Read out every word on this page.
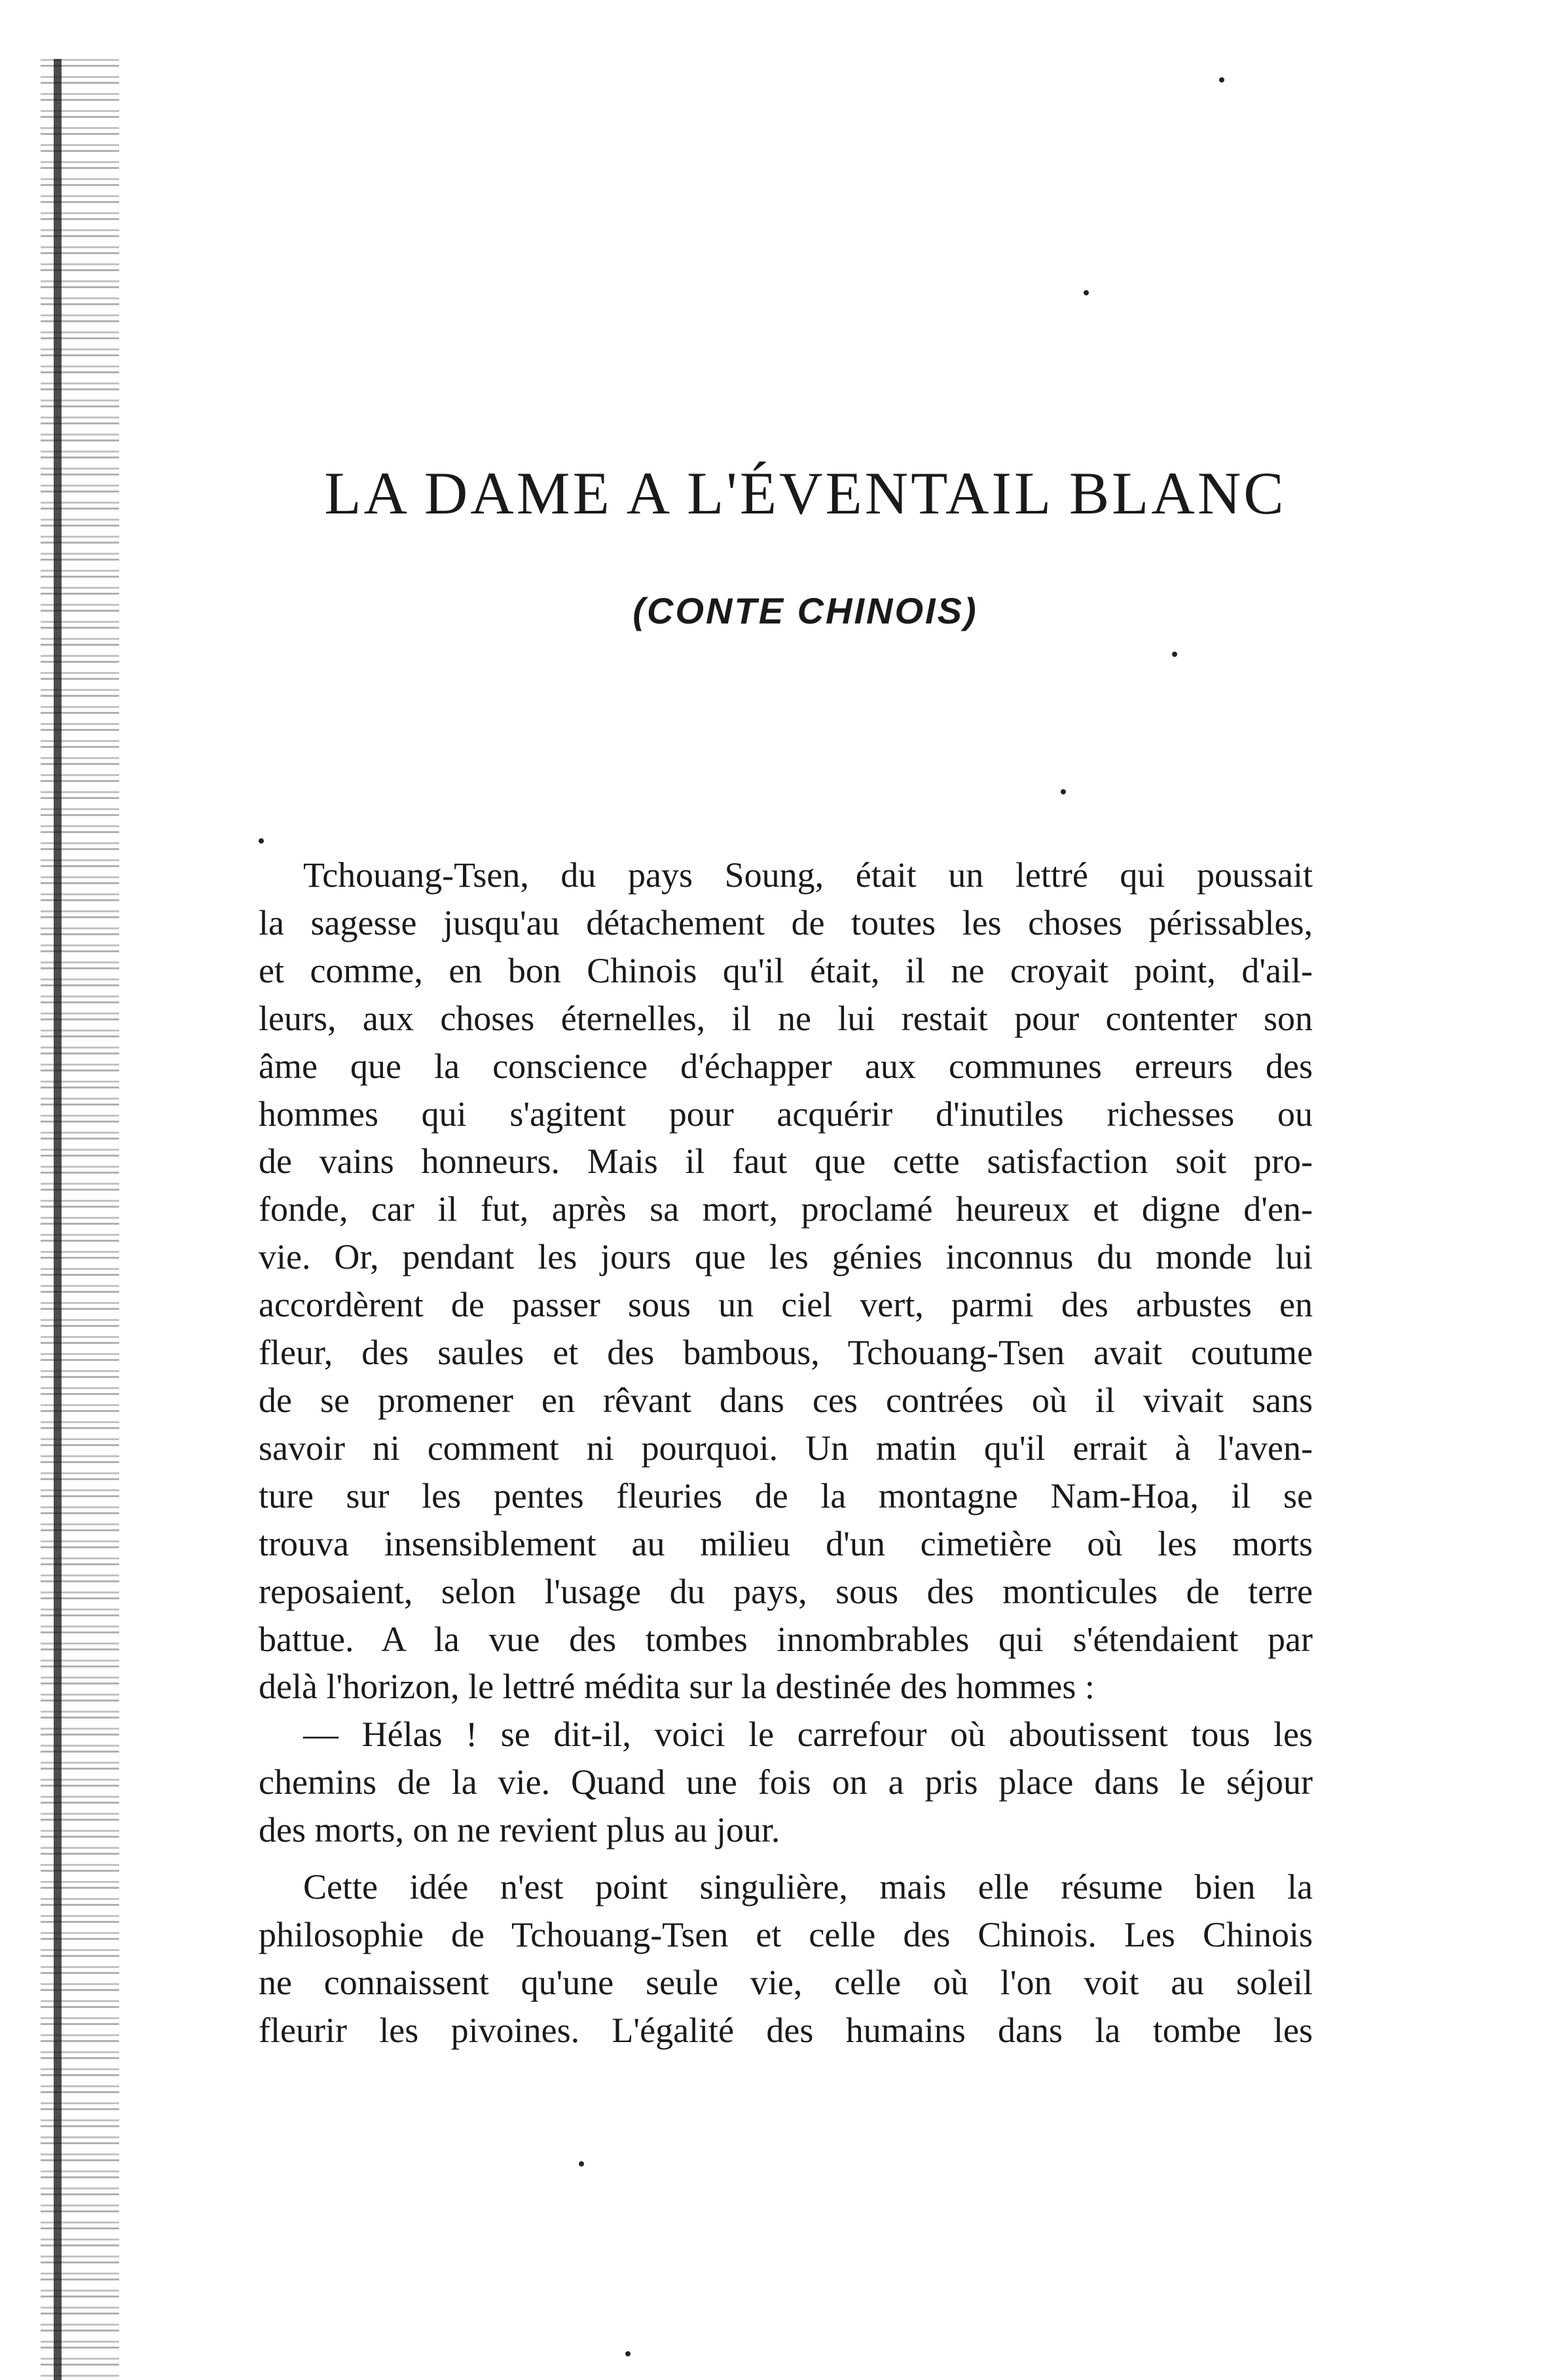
LA DAME A L'ÉVENTAIL BLANC
(CONTE CHINOIS)
Tchouang-Tsen, du pays Soung, était un lettré qui poussait
la sagesse jusqu'au détachement de toutes les choses périssables,
et comme, en bon Chinois qu'il était, il ne croyait point, d'ail-
leurs, aux choses éternelles, il ne lui restait pour contenter son
âme que la conscience d'échapper aux communes erreurs des
hommes qui s'agitent pour acquérir d'inutiles richesses ou
de vains honneurs. Mais il faut que cette satisfaction soit pro-
fonde, car il fut, après sa mort, proclamé heureux et digne d'en-
vie. Or, pendant les jours que les génies inconnus du monde lui
accordèrent de passer sous un ciel vert, parmi des arbustes en
fleur, des saules et des bambous, Tchouang-Tsen avait coutume
de se promener en rêvant dans ces contrées où il vivait sans
savoir ni comment ni pourquoi. Un matin qu'il errait à l'aven-
ture sur les pentes fleuries de la montagne Nam-Hoa, il se
trouva insensiblement au milieu d'un cimetière où les morts
reposaient, selon l'usage du pays, sous des monticules de terre
battue. A la vue des tombes innombrables qui s'étendaient par
delà l'horizon, le lettré médita sur la destinée des hommes :
— Hélas ! se dit-il, voici le carrefour où aboutissent tous les
chemins de la vie. Quand une fois on a pris place dans le séjour
des morts, on ne revient plus au jour.
Cette idée n'est point singulière, mais elle résume bien la
philosophie de Tchouang-Tsen et celle des Chinois. Les Chinois
ne connaissent qu'une seule vie, celle où l'on voit au soleil
fleurir les pivoines. L'égalité des humains dans la tombe les
